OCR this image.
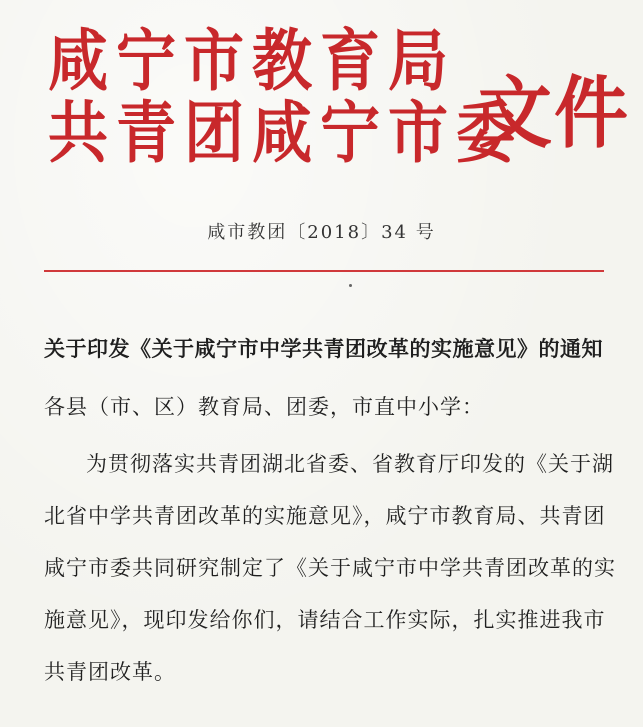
咸宁市教育局
共青团咸宁市委
文件
咸市教团〔2018〕34 号
关于印发《关于咸宁市中学共青团改革的实施意见》的通知
各县（市、区）教育局、团委，市直中小学：
为贯彻落实共青团湖北省委、省教育厅印发的《关于湖
北省中学共青团改革的实施意见》，咸宁市教育局、共青团
咸宁市委共同研究制定了《关于咸宁市中学共青团改革的实
施意见》，现印发给你们，请结合工作实际，扎实推进我市
共青团改革。
